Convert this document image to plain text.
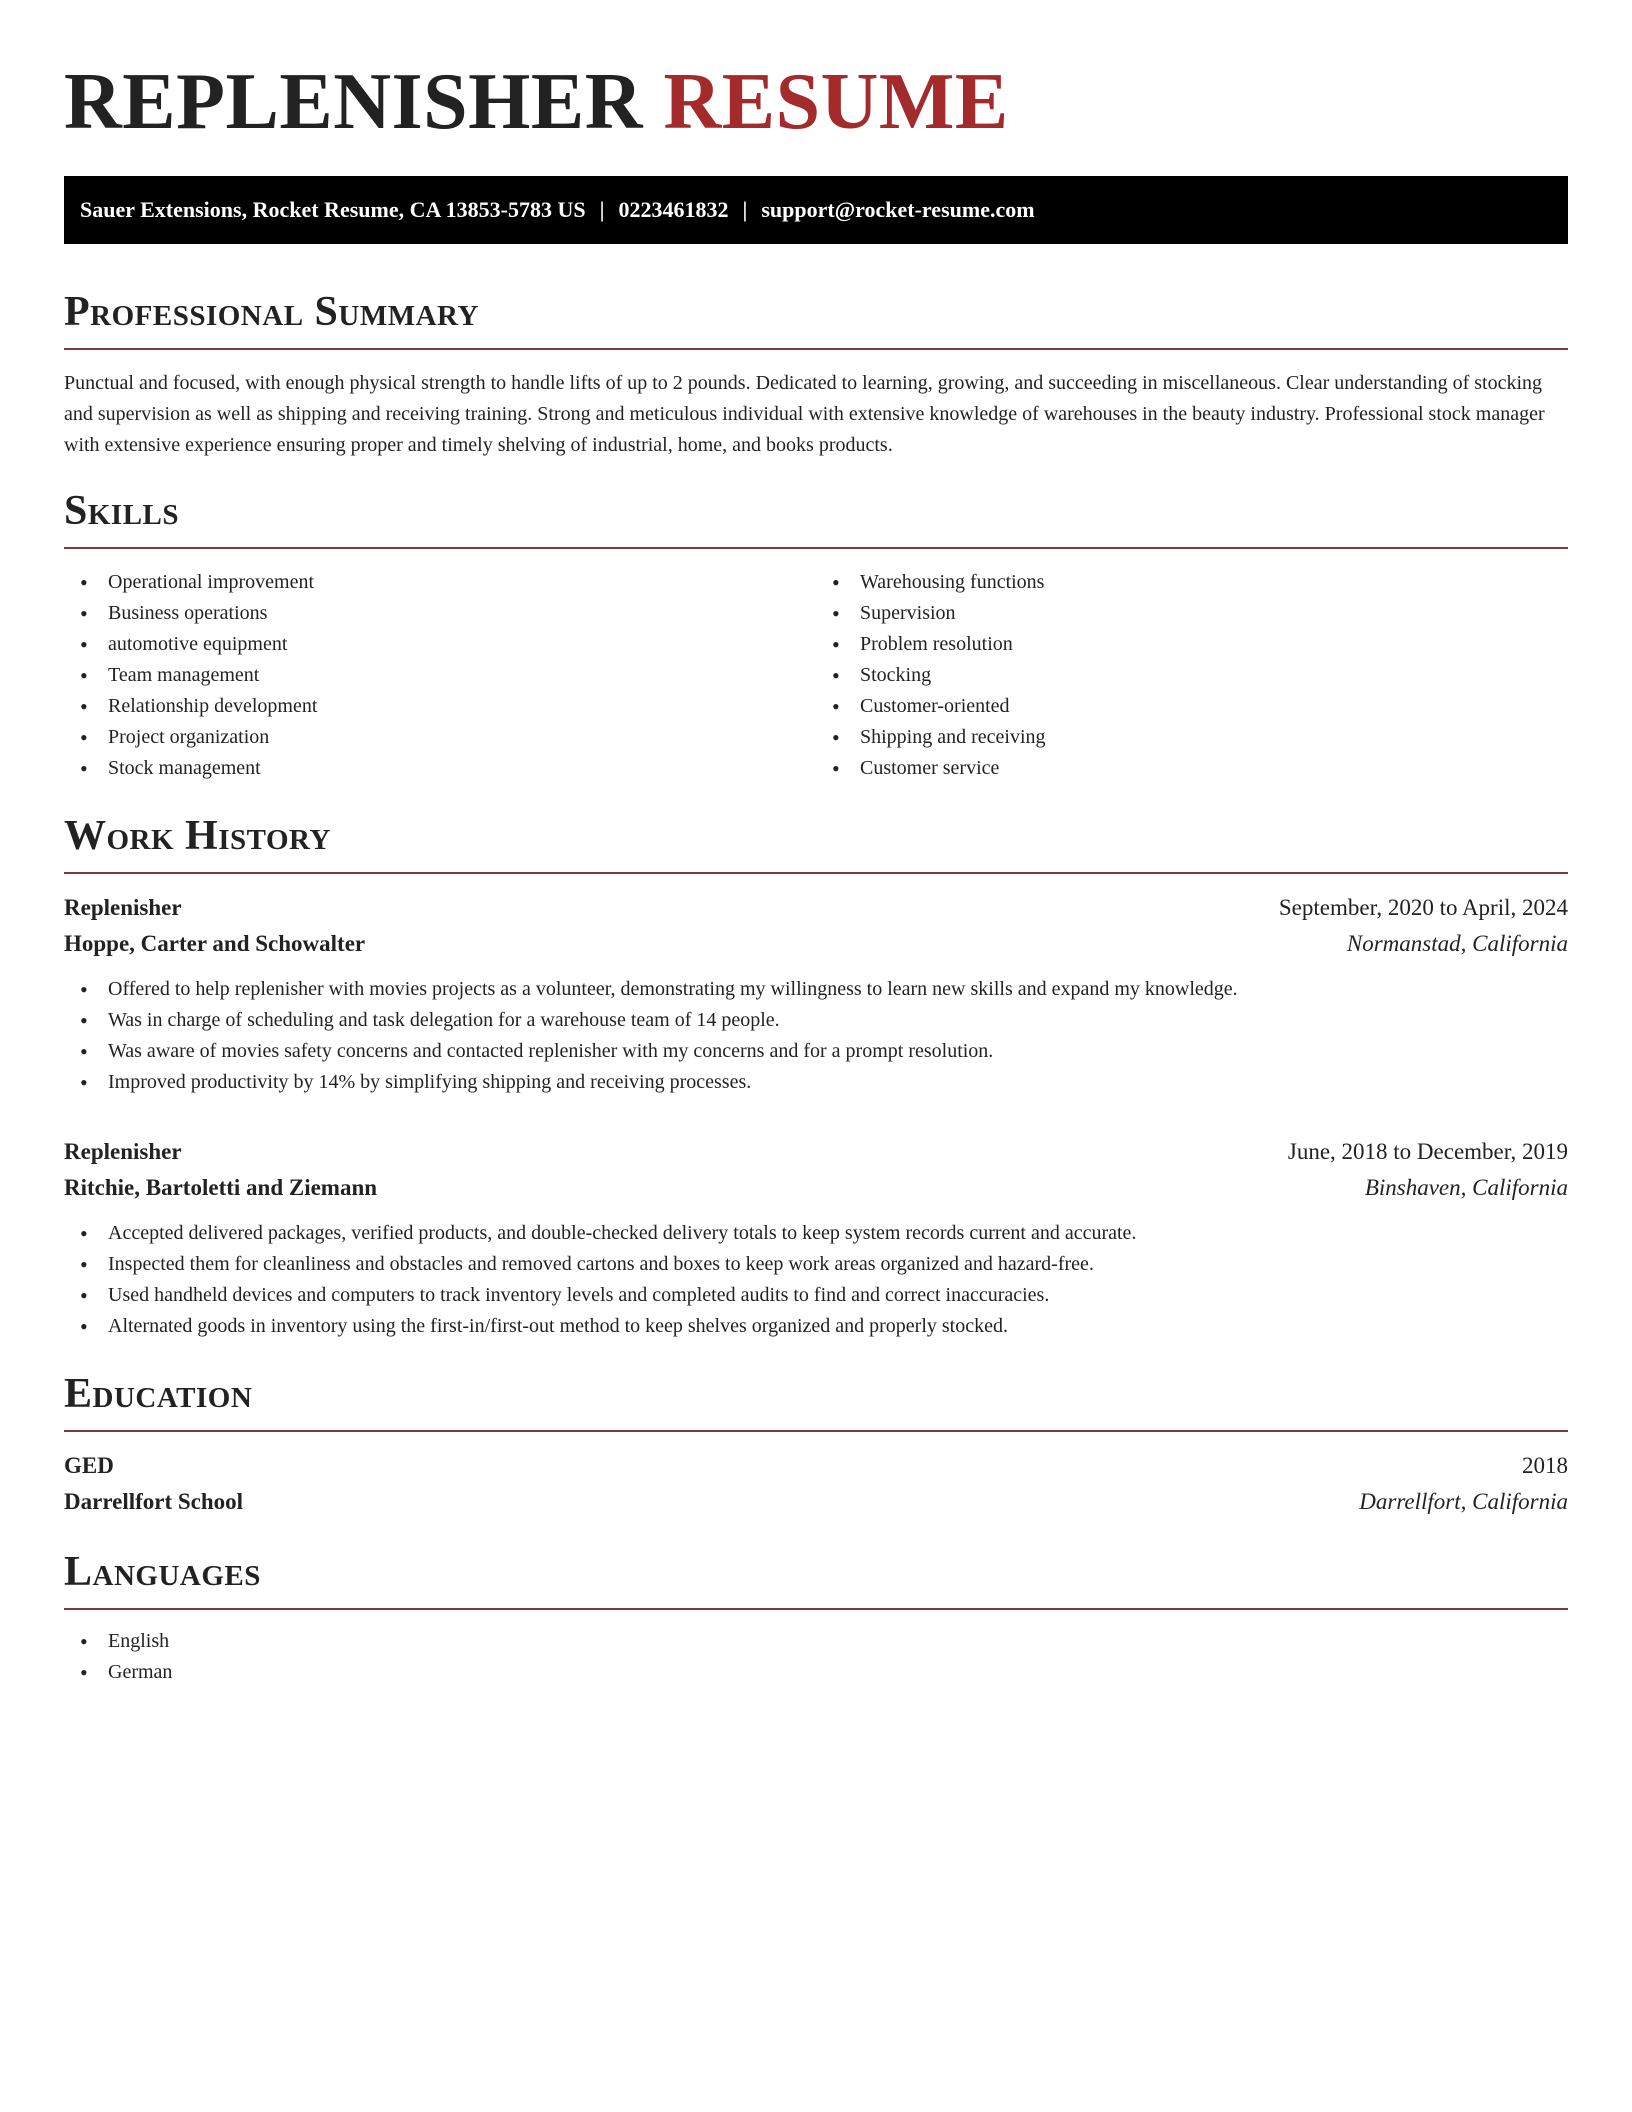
REPLENISHER RESUME
Sauer Extensions, Rocket Resume, CA 13853-5783 US | 0223461832 | support@rocket-resume.com
Professional Summary

Punctual and focused, with enough physical strength to handle lifts of up to 2 pounds. Dedicated to learning, growing, and succeeding in miscellaneous. Clear understanding of stocking and supervision as well as shipping and receiving training. Strong and meticulous individual with extensive knowledge of warehouses in the beauty industry. Professional stock manager with extensive experience ensuring proper and timely shelving of industrial, home, and books products.

Skills
• Operational improvement
• Business operations
• automotive equipment
• Team management
• Relationship development
• Project organization
• Stock management
• Warehousing functions
• Supervision
• Problem resolution
• Stocking
• Customer-oriented
• Shipping and receiving
• Customer service
Work History
Replenisher	September, 2020 to April, 2024
Hoppe, Carter and Schowalter	Normanstad, California
• Offered to help replenisher with movies projects as a volunteer, demonstrating my willingness to learn new skills and expand my knowledge.
• Was in charge of scheduling and task delegation for a warehouse team of 14 people.
• Was aware of movies safety concerns and contacted replenisher with my concerns and for a prompt resolution.
• Improved productivity by 14% by simplifying shipping and receiving processes.
Replenisher	June, 2018 to December, 2019
Ritchie, Bartoletti and Ziemann	Binshaven, California
• Accepted delivered packages, verified products, and double-checked delivery totals to keep system records current and accurate.
• Inspected them for cleanliness and obstacles and removed cartons and boxes to keep work areas organized and hazard-free.
• Used handheld devices and computers to track inventory levels and completed audits to find and correct inaccuracies.
• Alternated goods in inventory using the first-in/first-out method to keep shelves organized and properly stocked.
Education
GED	2018
Darrellfort School	Darrellfort, California
Languages
• English
• German
